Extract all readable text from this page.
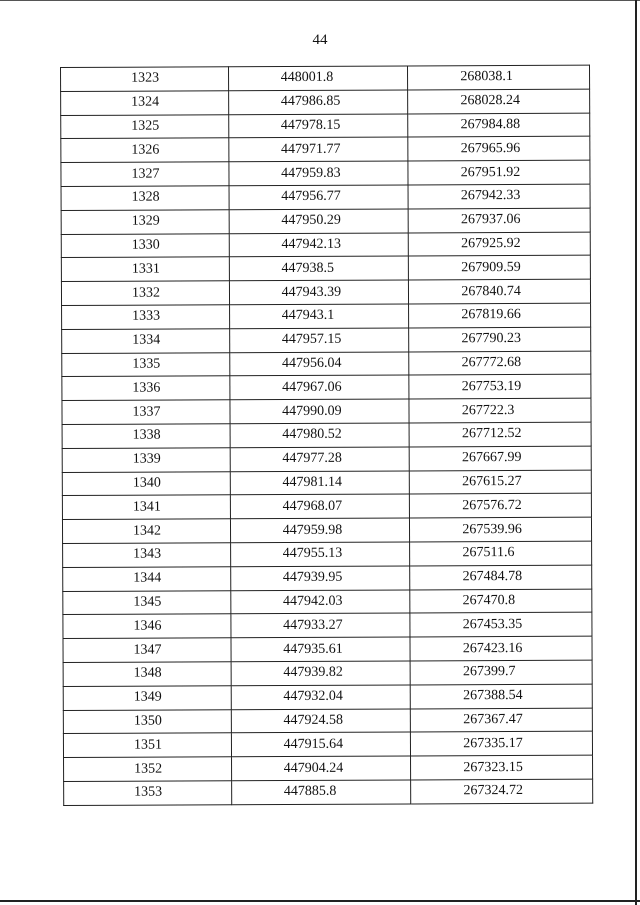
44
1323	448001.8	268038.1
1324	447986.85	268028.24
1325	447978.15	267984.88
1326	447971.77	267965.96
1327	447959.83	267951.92
1328	447956.77	267942.33
1329	447950.29	267937.06
1330	447942.13	267925.92
1331	447938.5	267909.59
1332	447943.39	267840.74
1333	447943.1	267819.66
1334	447957.15	267790.23
1335	447956.04	267772.68
1336	447967.06	267753.19
1337	447990.09	267722.3
1338	447980.52	267712.52
1339	447977.28	267667.99
1340	447981.14	267615.27
1341	447968.07	267576.72
1342	447959.98	267539.96
1343	447955.13	267511.6
1344	447939.95	267484.78
1345	447942.03	267470.8
1346	447933.27	267453.35
1347	447935.61	267423.16
1348	447939.82	267399.7
1349	447932.04	267388.54
1350	447924.58	267367.47
1351	447915.64	267335.17
1352	447904.24	267323.15
1353	447885.8	267324.72
